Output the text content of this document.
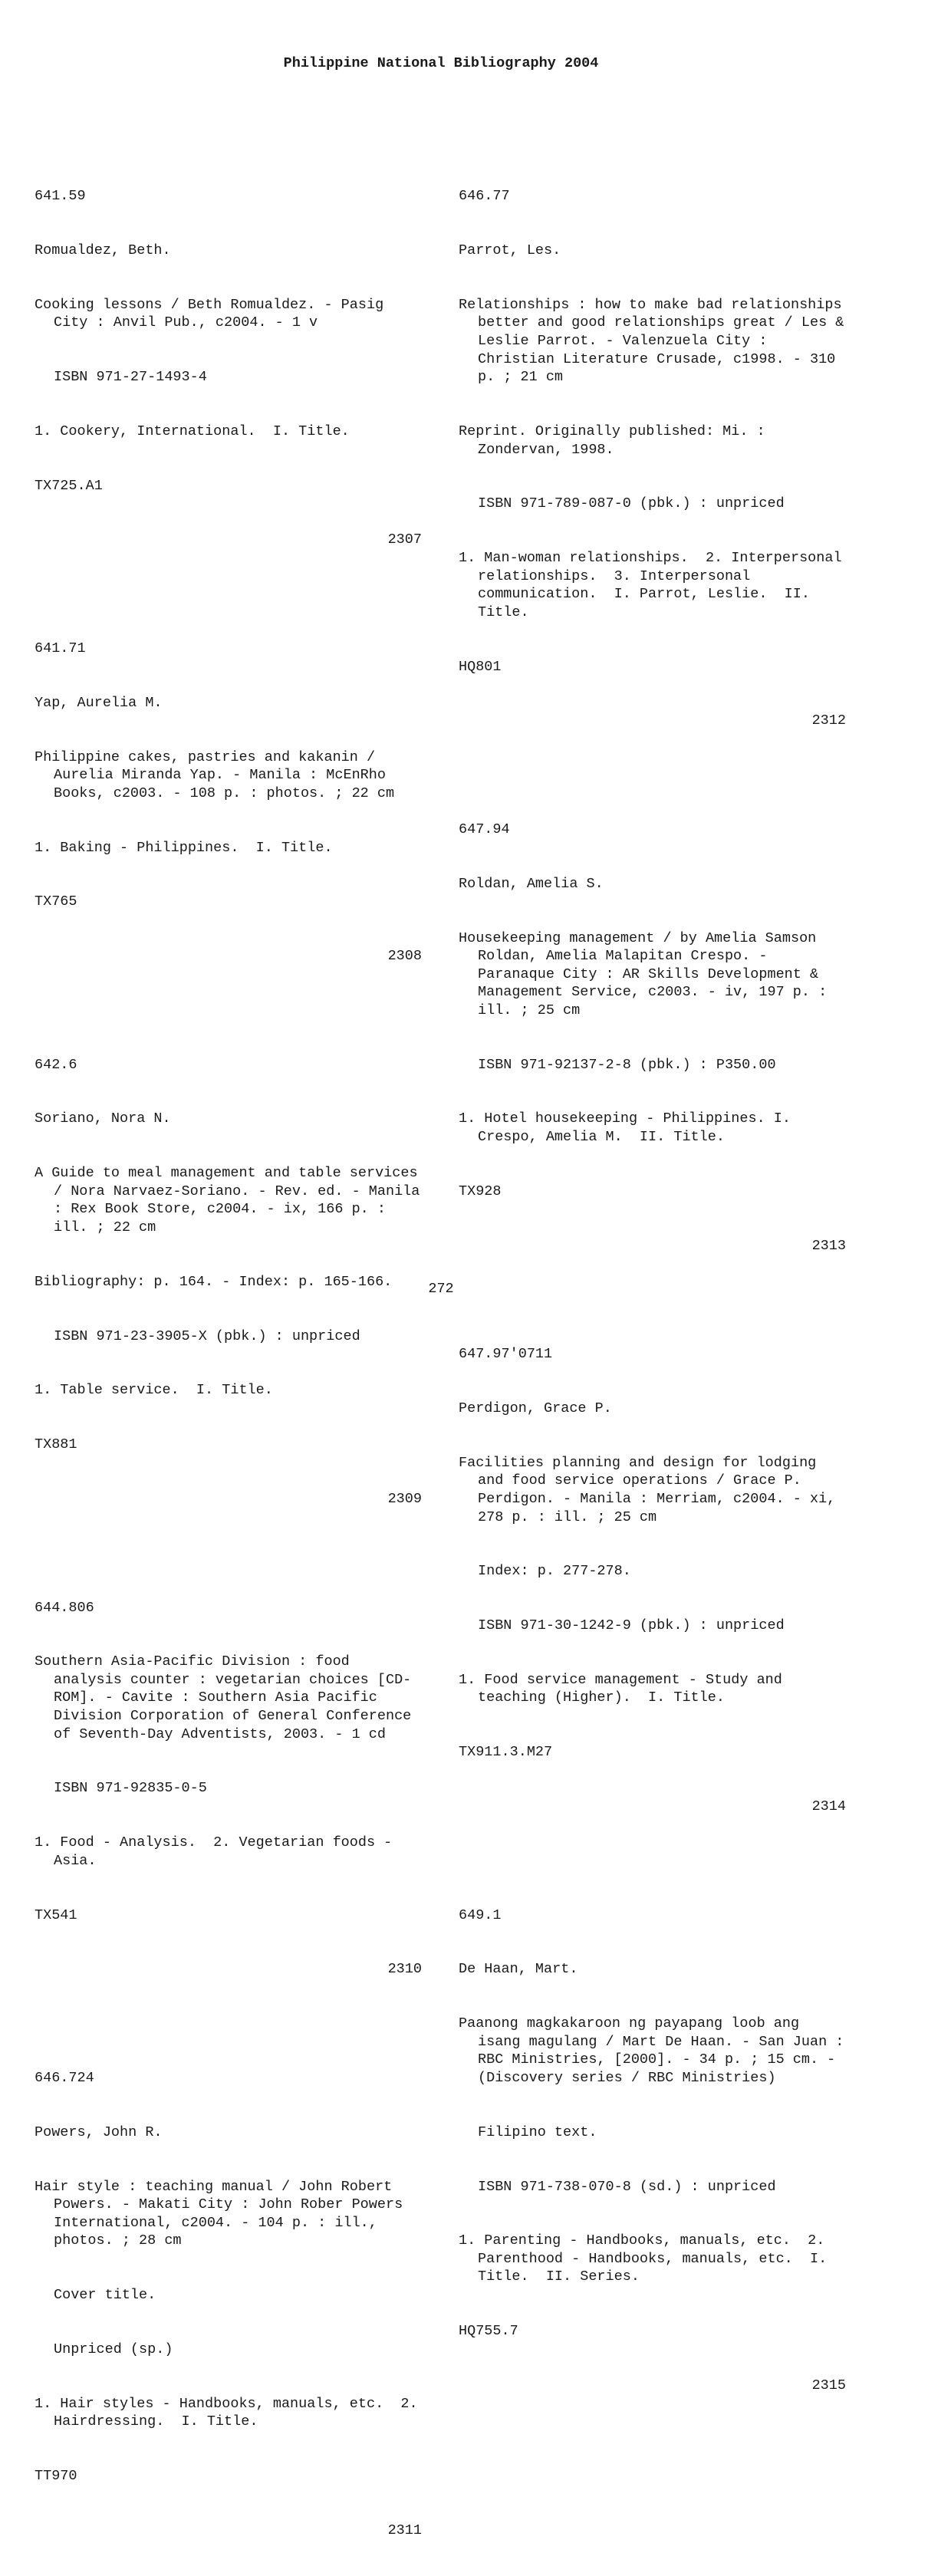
Philippine National Bibliography 2004

641.59

Romualdez, Beth.

Cooking lessons / Beth Romualdez. - Pasig City : Anvil Pub., c2004. - 1 v

ISBN 971-27-1493-4

1. Cookery, International.  I. Title.

TX725.A1

2307

641.71

Yap, Aurelia M.

Philippine cakes, pastries and kakanin / Aurelia Miranda Yap. - Manila : McEnRho Books, c2003. - 108 p. : photos. ; 22 cm

1. Baking - Philippines.  I. Title.

TX765

2308

642.6

Soriano, Nora N.

A Guide to meal management and table services / Nora Narvaez-Soriano. - Rev. ed. - Manila : Rex Book Store, c2004. - ix, 166 p. : ill. ; 22 cm

Bibliography: p. 164. - Index: p. 165-166.

ISBN 971-23-3905-X (pbk.) : unpriced

1. Table service.  I. Title.

TX881

2309

644.806

Southern Asia-Pacific Division : food analysis counter : vegetarian choices [CD-ROM]. - Cavite : Southern Asia Pacific Division Corporation of General Conference of Seventh-Day Adventists, 2003. - 1 cd

ISBN 971-92835-0-5

1. Food - Analysis.  2. Vegetarian foods - Asia.

TX541

2310

646.724

Powers, John R.

Hair style : teaching manual / John Robert Powers. - Makati City : John Rober Powers International, c2004. - 104 p. : ill., photos. ; 28 cm

Cover title.

Unpriced (sp.)

1. Hair styles - Handbooks, manuals, etc.  2. Hairdressing.  I. Title.

TT970

2311

646.77

Parrot, Les.

Relationships : how to make bad relationships better and good relationships great / Les & Leslie Parrot. - Valenzuela City : Christian Literature Crusade, c1998. - 310 p. ; 21 cm

Reprint. Originally published: Mi. : Zondervan, 1998.

ISBN 971-789-087-0 (pbk.) : unpriced

1. Man-woman relationships.  2. Interpersonal relationships.  3. Interpersonal communication.  I. Parrot, Leslie.  II. Title.

HQ801

2312

647.94

Roldan, Amelia S.

Housekeeping management / by Amelia Samson Roldan, Amelia Malapitan Crespo. - Paranaque City : AR Skills Development & Management Service, c2003. - iv, 197 p. : ill. ; 25 cm

ISBN 971-92137-2-8 (pbk.) : P350.00

1. Hotel housekeeping - Philippines. I. Crespo, Amelia M.  II. Title.

TX928

2313

647.97'0711

Perdigon, Grace P.

Facilities planning and design for lodging and food service operations / Grace P. Perdigon. - Manila : Merriam, c2004. - xi, 278 p. : ill. ; 25 cm

Index: p. 277-278.

ISBN 971-30-1242-9 (pbk.) : unpriced

1. Food service management - Study and teaching (Higher).  I. Title.

TX911.3.M27

2314

649.1

De Haan, Mart.

Paanong magkakaroon ng payapang loob ang isang magulang / Mart De Haan. - San Juan : RBC Ministries, [2000]. - 34 p. ; 15 cm. - (Discovery series / RBC Ministries)

Filipino text.

ISBN 971-738-070-8 (sd.) : unpriced

1. Parenting - Handbooks, manuals, etc.  2. Parenthood - Handbooks, manuals, etc.  I. Title.  II. Series.

HQ755.7

2315

272
